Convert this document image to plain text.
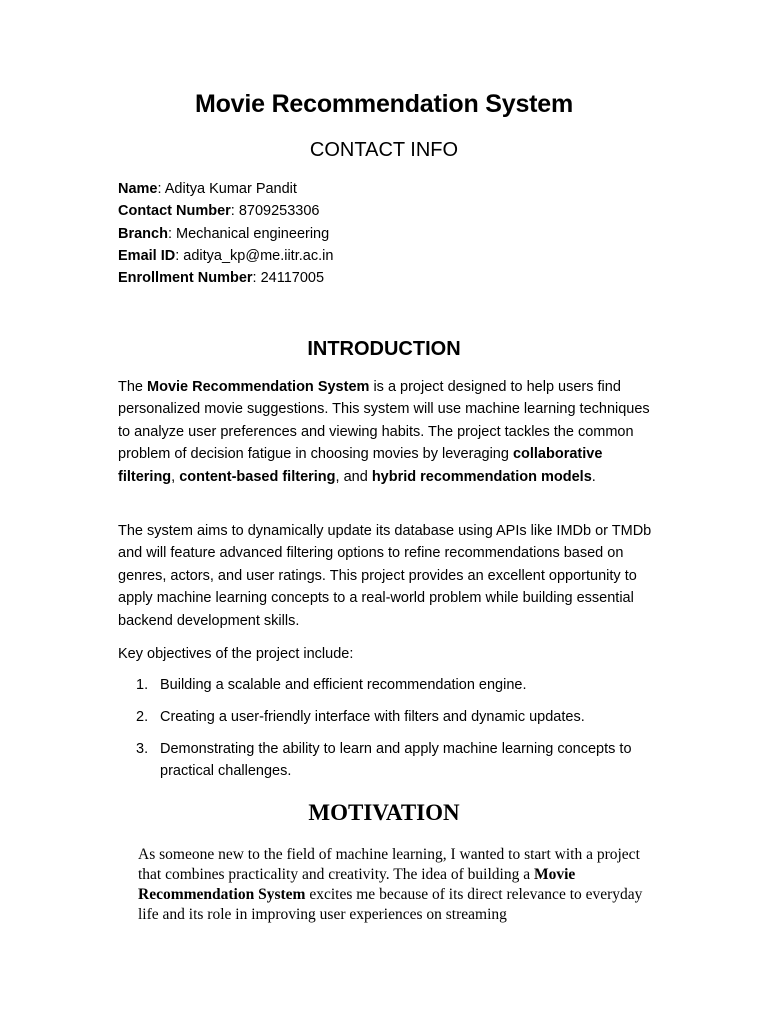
Movie Recommendation System
CONTACT INFO
Name: Aditya Kumar Pandit
Contact Number: 8709253306
Branch: Mechanical engineering
Email ID: aditya_kp@me.iitr.ac.in
Enrollment Number: 24117005
INTRODUCTION

The Movie Recommendation System is a project designed to help users find personalized movie suggestions. This system will use machine learning techniques to analyze user preferences and viewing habits. The project tackles the common problem of decision fatigue in choosing movies by leveraging collaborative filtering, content-based filtering, and hybrid recommendation models.

The system aims to dynamically update its database using APIs like IMDb or TMDb and will feature advanced filtering options to refine recommendations based on genres, actors, and user ratings. This project provides an excellent opportunity to apply machine learning concepts to a real-world problem while building essential backend development skills.

Key objectives of the project include:

1. Building a scalable and efficient recommendation engine.
2. Creating a user-friendly interface with filters and dynamic updates.
3. Demonstrating the ability to learn and apply machine learning concepts to practical challenges.
MOTIVATION

As someone new to the field of machine learning, I wanted to start with a project that combines practicality and creativity. The idea of building a Movie Recommendation System excites me because of its direct relevance to everyday life and its role in improving user experiences on streaming
